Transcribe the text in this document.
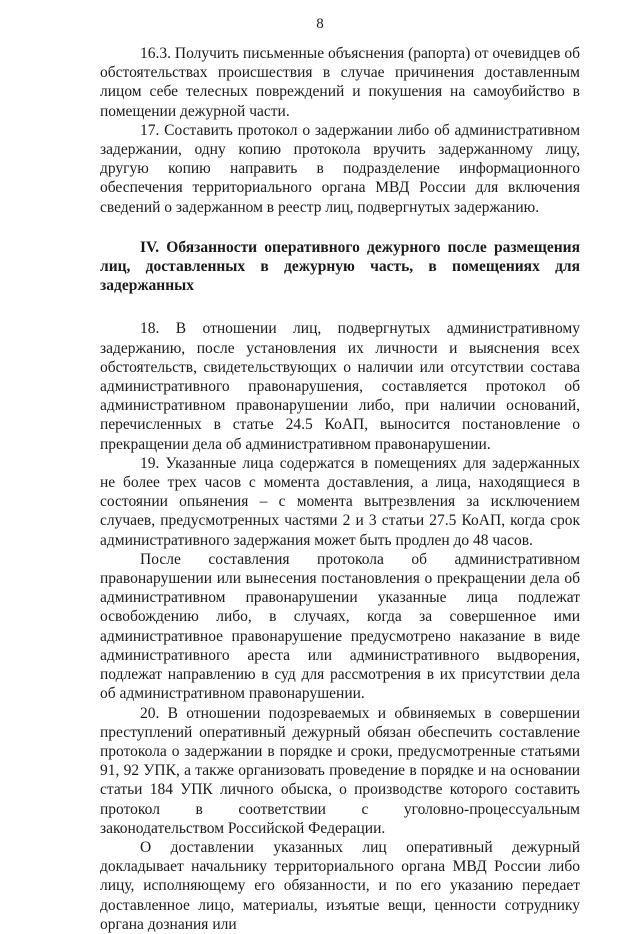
8

16.3. Получить письменные объяснения (рапорта) от очевидцев об обстоятельствах происшествия в случае причинения доставленным лицом себе телесных повреждений и покушения на самоубийство в помещении дежурной части.

17. Составить протокол о задержании либо об административном задержании, одну копию протокола вручить задержанному лицу, другую копию направить в подразделение информационного обеспечения территориального органа МВД России для включения сведений о задержанном в реестр лиц, подвергнутых задержанию.

IV. Обязанности оперативного дежурного после размещения лиц, доставленных в дежурную часть, в помещениях для задержанных

18. В отношении лиц, подвергнутых административному задержанию, после установления их личности и выяснения всех обстоятельств, свидетельствующих о наличии или отсутствии состава административного правонарушения, составляется протокол об административном правонарушении либо, при наличии оснований, перечисленных в статье 24.5 КоАП, выносится постановление о прекращении дела об административном правонарушении.

19. Указанные лица содержатся в помещениях для задержанных не более трех часов с момента доставления, а лица, находящиеся в состоянии опьянения – с момента вытрезвления за исключением случаев, предусмотренных частями 2 и 3 статьи 27.5 КоАП, когда срок административного задержания может быть продлен до 48 часов.

После составления протокола об административном правонарушении или вынесения постановления о прекращении дела об административном правонарушении указанные лица подлежат освобождению либо, в случаях, когда за совершенное ими административное правонарушение предусмотрено наказание в виде административного ареста или административного выдворения, подлежат направлению в суд для рассмотрения в их присутствии дела об административном правонарушении.

20. В отношении подозреваемых и обвиняемых в совершении преступлений оперативный дежурный обязан обеспечить составление протокола о задержании в порядке и сроки, предусмотренные статьями 91, 92 УПК, а также организовать проведение в порядке и на основании статьи 184 УПК личного обыска, о производстве которого составить протокол в соответствии с уголовно-процессуальным законодательством Российской Федерации.

О доставлении указанных лиц оперативный дежурный докладывает начальнику территориального органа МВД России либо лицу, исполняющему его обязанности, и по его указанию передает доставленное лицо, материалы, изъятые вещи, ценности сотруднику органа дознания или
